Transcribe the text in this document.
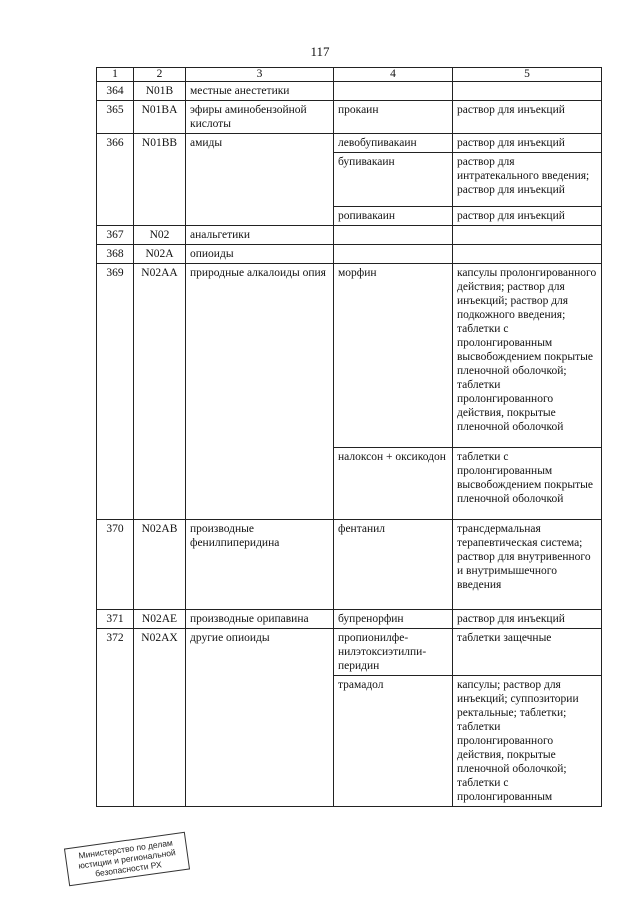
117
1	2	3	4	5
364	N01B	местные анестетики		
365	N01BA	эфиры аминобензойной кислоты	прокаин	раствор для инъекций
366	N01BB	амиды	левобупивакаин	раствор для инъекций
			бупивакаин	раствор для интратекального введения; раствор для инъекций
			ропивакаин	раствор для инъекций
367	N02	анальгетики		
368	N02A	опиоиды		
369	N02AA	природные алкалоиды опия	морфин	капсулы пролонгированного действия; раствор для инъекций; раствор для подкожного введения; таблетки с пролонгированным высвобождением покрытые пленочной оболочкой; таблетки пролонгированного действия, покрытые пленочной оболочкой
			налоксон + оксикодон	таблетки с пролонгированным высвобождением покрытые пленочной оболочкой
370	N02AB	производные фенилпиперидина	фентанил	трансдермальная терапевтическая система; раствор для внутривенного и внутримышечного введения
371	N02AE	производные орипавина	бупренорфин	раствор для инъекций
372	N02AX	другие опиоиды	пропионилфе-нилэтоксиэтилпи-перидин	таблетки защечные
			трамадол	капсулы; раствор для инъекций; суппозитории ректальные; таблетки; таблетки пролонгированного действия, покрытые пленочной оболочкой; таблетки с пролонгированным
Министерство по делам юстиции и региональной безопасности РХ
